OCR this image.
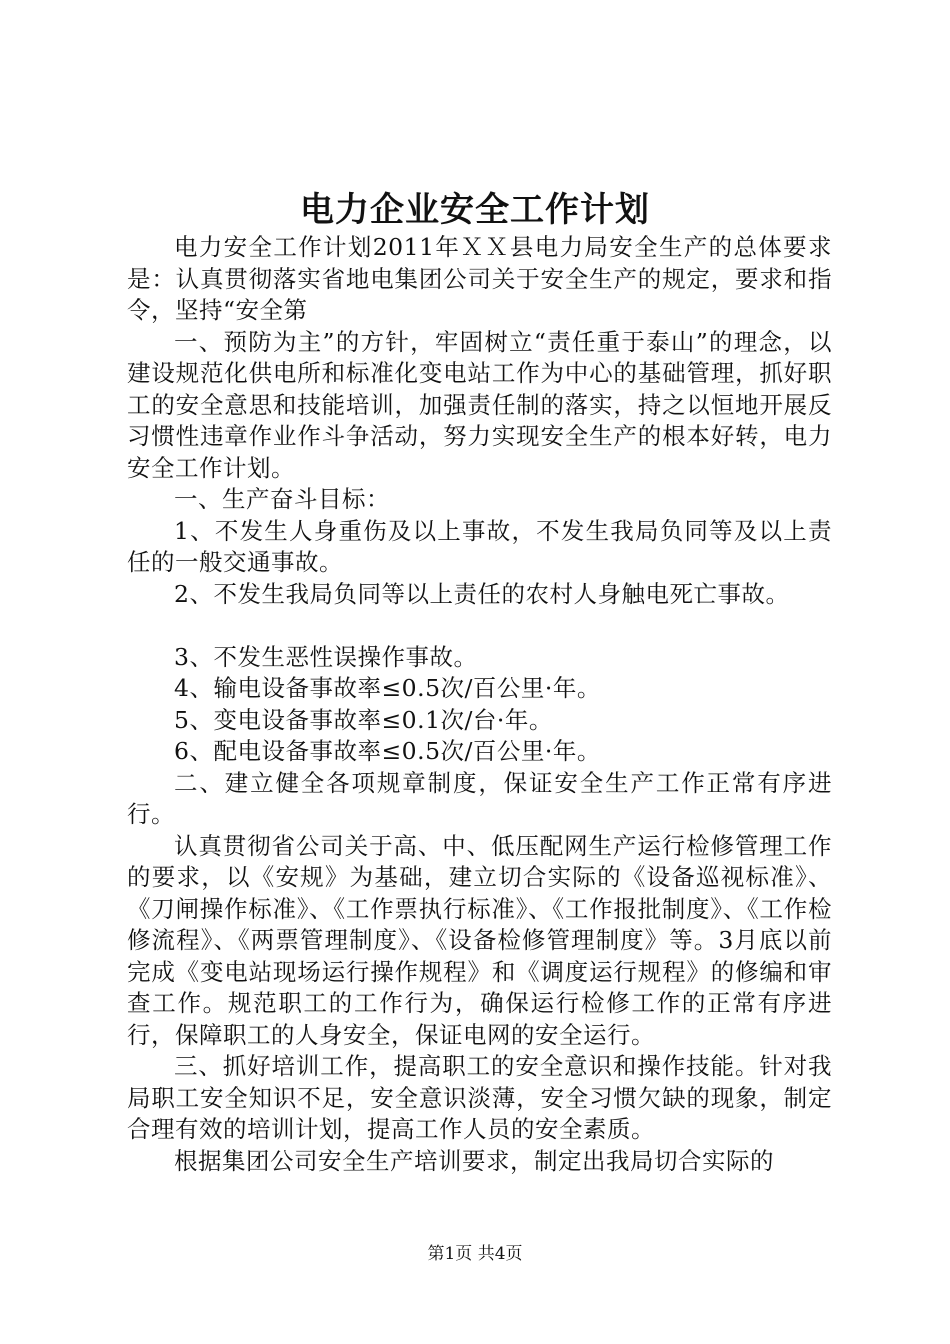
电力企业安全工作计划

电力安全工作计划2011年ＸＸ县电力局安全生产的总体要求是：认真贯彻落实省地电集团公司关于安全生产的规定，要求和指令，坚持“安全第

一、预防为主”的方针，牢固树立“责任重于泰山”的理念，以建设规范化供电所和标准化变电站工作为中心的基础管理，抓好职工的安全意思和技能培训，加强责任制的落实，持之以恒地开展反习惯性违章作业作斗争活动，努力实现安全生产的根本好转，电力安全工作计划。

一、生产奋斗目标：

1、不发生人身重伤及以上事故，不发生我局负同等及以上责任的一般交通事故。

2、不发生我局负同等以上责任的农村人身触电死亡事故。

3、不发生恶性误操作事故。

4、输电设备事故率≤0.5次/百公里·年。

5、变电设备事故率≤0.1次/台·年。

6、配电设备事故率≤0.5次/百公里·年。

二、建立健全各项规章制度，保证安全生产工作正常有序进行。

认真贯彻省公司关于高、中、低压配网生产运行检修管理工作的要求，以《安规》为基础，建立切合实际的《设备巡视标准》、《刀闸操作标准》、《工作票执行标准》、《工作报批制度》、《工作检修流程》、《两票管理制度》、《设备检修管理制度》等。3月底以前完成《变电站现场运行操作规程》和《调度运行规程》的修编和审查工作。规范职工的工作行为，确保运行检修工作的正常有序进行，保障职工的人身安全，保证电网的安全运行。

三、抓好培训工作，提高职工的安全意识和操作技能。针对我局职工安全知识不足，安全意识淡薄，安全习惯欠缺的现象，制定合理有效的培训计划，提高工作人员的安全素质。

根据集团公司安全生产培训要求，制定出我局切合实际的

第1页 共4页
